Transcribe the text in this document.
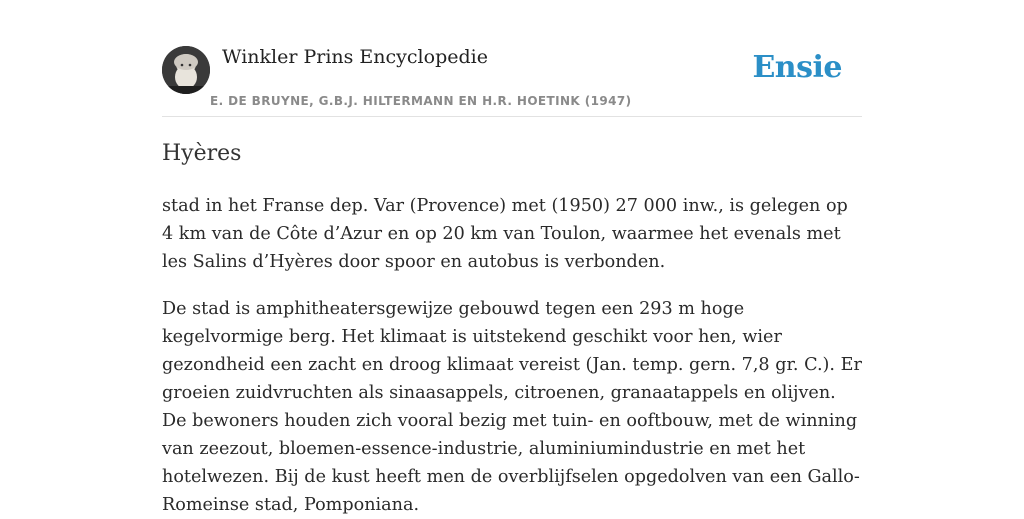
Winkler Prins Encyclopedie
E. DE BRUYNE, G.B.J. HILTERMANN EN H.R. HOETINK (1947)
Ensie
Hyères

stad in het Franse dep. Var (Provence) met (1950) 27 000 inw., is gelegen op 4 km van de Côte d’Azur en op 20 km van Toulon, waarmee het evenals met les Salins d’Hyères door spoor en autobus is verbonden.

De stad is amphitheatersgewijze gebouwd tegen een 293 m hoge kegelvormige berg. Het klimaat is uitstekend geschikt voor hen, wier gezondheid een zacht en droog klimaat vereist (Jan. temp. gern. 7,8 gr. C.). Er groeien zuidvruchten als sinaasappels, citroenen, granaatappels en olijven. De bewoners houden zich vooral bezig met tuin- en ooftbouw, met de winning van zeezout, bloemen-essence-industrie, aluminiumindustrie en met het hotelwezen. Bij de kust heeft men de overblijfselen opgedolven van een Gallo-Romeinse stad, Pomponiana.
